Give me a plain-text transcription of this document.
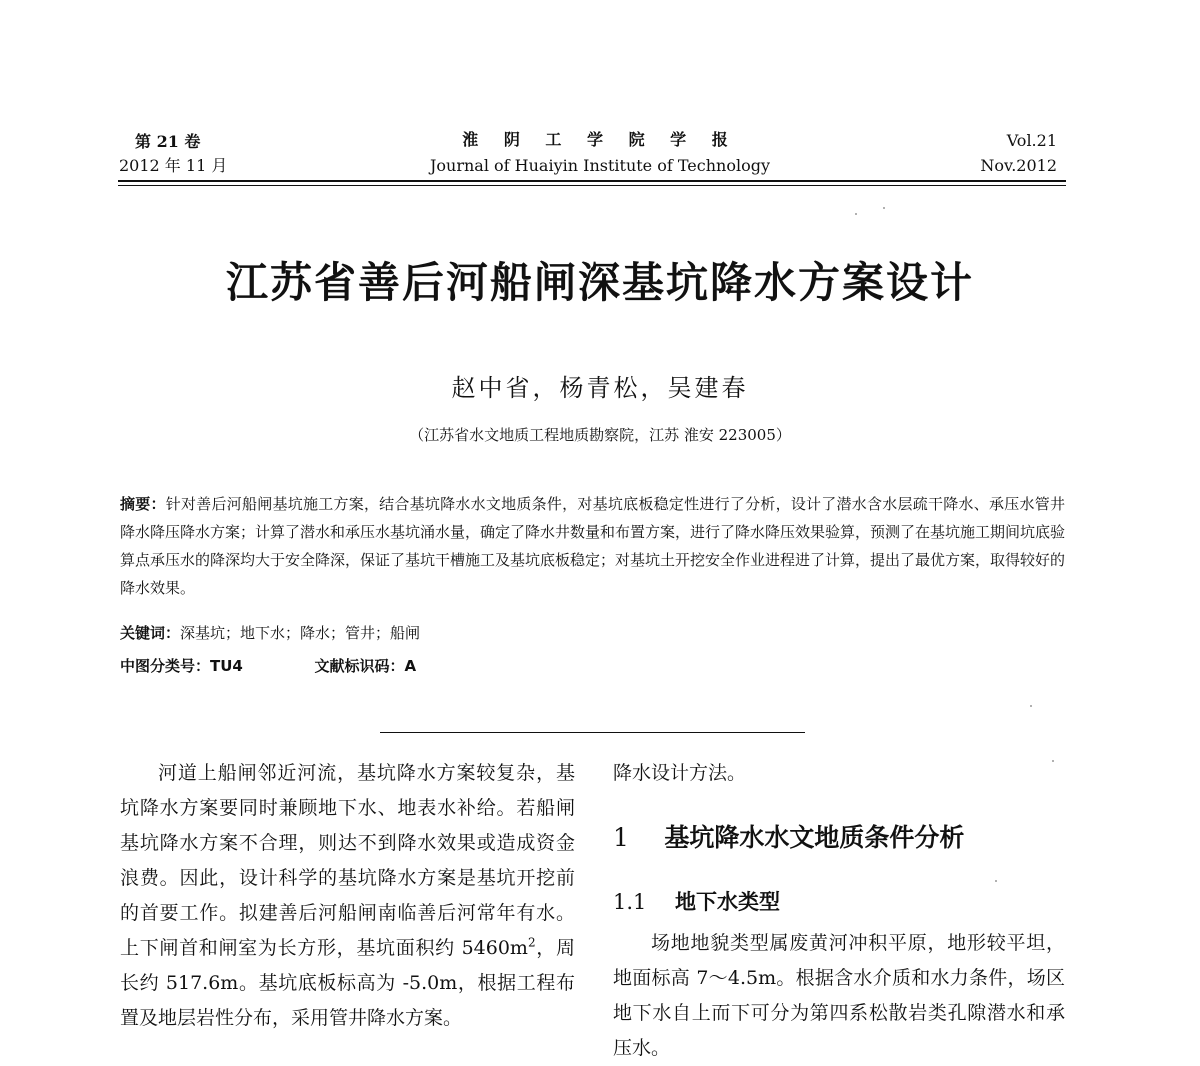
第 21 卷
2012 年 11 月
淮 阴 工 学 院 学 报
Journal of Huaiyin Institute of Technology
Vol.21
Nov.2012
江苏省善后河船闸深基坑降水方案设计
赵中省，杨青松，吴建春
（江苏省水文地质工程地质勘察院，江苏 淮安 223005）
摘要：针对善后河船闸基坑施工方案，结合基坑降水水文地质条件，对基坑底板稳定性进行了分析，设计了潜水含水层疏干降水、承压水管井降水降压降水方案；计算了潜水和承压水基坑涌水量，确定了降水井数量和布置方案，进行了降水降压效果验算，预测了在基坑施工期间坑底验算点承压水的降深均大于安全降深，保证了基坑干槽施工及基坑底板稳定；对基坑土开挖安全作业进程进了计算，提出了最优方案，取得较好的降水效果。
关键词：深基坑；地下水；降水；管井；船闸
中图分类号：TU4	文献标识码：A

河道上船闸邻近河流，基坑降水方案较复杂，基坑降水方案要同时兼顾地下水、地表水补给。若船闸基坑降水方案不合理，则达不到降水效果或造成资金浪费。因此，设计科学的基坑降水方案是基坑开挖前的首要工作。拟建善后河船闸南临善后河常年有水。上下闸首和闸室为长方形，基坑面积约 $5460m^2$，周长约 517.6m。基坑底板标高为 -5.0m，根据工程布置及地层岩性分布，采用管井降水方案。

降水设计方法。
1 基坑降水水文地质条件分析
1.1 地下水类型

场地地貌类型属废黄河冲积平原，地形较平坦，地面标高 7～4.5m。根据含水介质和水力条件，场区地下水自上而下可分为第四系松散岩类孔隙潜水和承压水。
